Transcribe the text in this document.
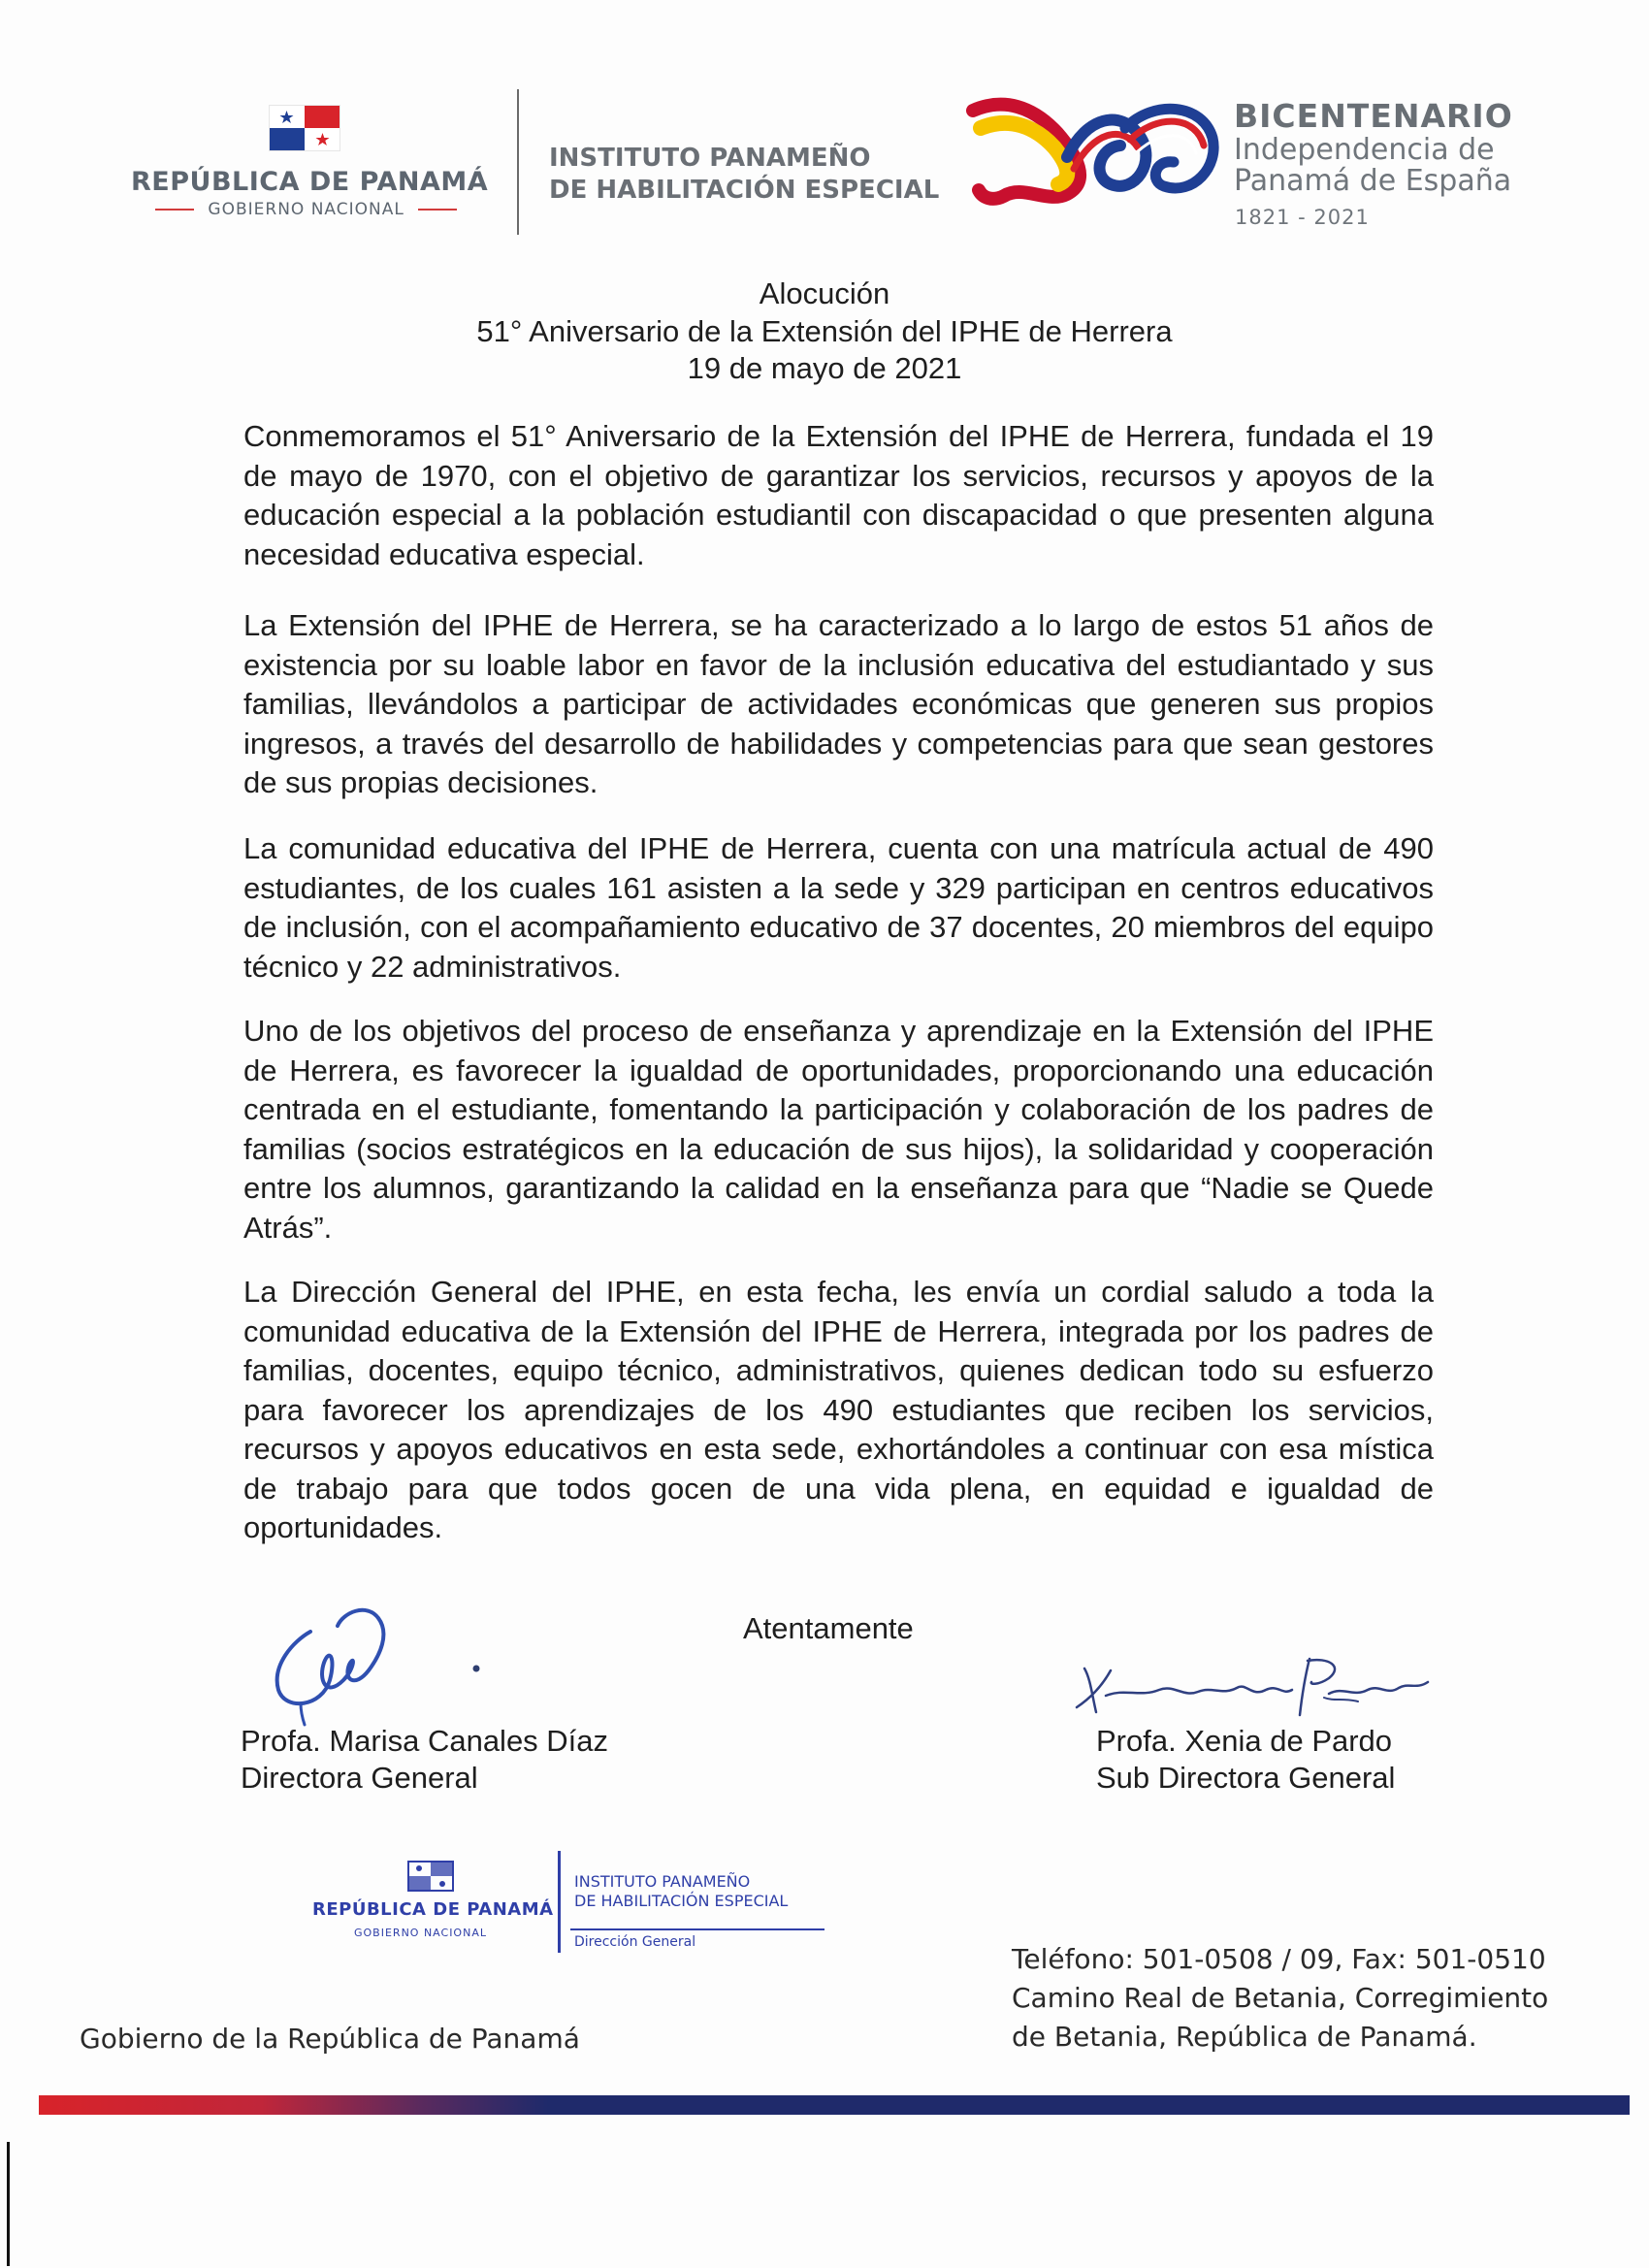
REPÚBLICA DE PANAMÁ
GOBIERNO NACIONAL
INSTITUTO PANAMEÑO
DE HABILITACIÓN ESPECIAL
BICENTENARIO
Independencia de
Panamá de España
1821 - 2021
Alocución
51° Aniversario de la Extensión del IPHE de Herrera
19 de mayo de 2021

Conmemoramos el 51° Aniversario de la Extensión del IPHE de Herrera, fundada el 19 de mayo de 1970, con el objetivo de garantizar los servicios, recursos y apoyos de la educación especial a la población estudiantil con discapacidad o que presenten alguna necesidad educativa especial.

La Extensión del IPHE de Herrera, se ha caracterizado a lo largo de estos 51 años de existencia por su loable labor en favor de la inclusión educativa del estudiantado y sus familias, llevándolos a participar de actividades económicas que generen sus propios ingresos, a través del desarrollo de habilidades y competencias para que sean gestores de sus propias decisiones.

La comunidad educativa del IPHE de Herrera, cuenta con una matrícula actual de 490 estudiantes, de los cuales 161 asisten a la sede y 329 participan en centros educativos de inclusión, con el acompañamiento educativo de 37 docentes, 20 miembros del equipo técnico y 22 administrativos.

Uno de los objetivos del proceso de enseñanza y aprendizaje en la Extensión del IPHE de Herrera, es favorecer la igualdad de oportunidades, proporcionando una educación centrada en el estudiante, fomentando la participación y colaboración de los padres de familias (socios estratégicos en la educación de sus hijos), la solidaridad y cooperación entre los alumnos, garantizando la calidad en la enseñanza para que “Nadie se Quede Atrás”.

La Dirección General del IPHE, en esta fecha, les envía un cordial saludo a toda la comunidad educativa de la Extensión del IPHE de Herrera, integrada por los padres de familias, docentes, equipo técnico, administrativos, quienes dedican todo su esfuerzo para favorecer los aprendizajes de los 490 estudiantes que reciben los servicios, recursos y apoyos educativos en esta sede, exhortándoles a continuar con esa mística de trabajo para que todos gocen de una vida plena, en equidad e igualdad de oportunidades.

Atentamente
Profa. Marisa Canales Díaz
Directora General
Profa. Xenia de Pardo
Sub Directora General
REPÚBLICA DE PANAMÁ
GOBIERNO NACIONAL
INSTITUTO PANAMEÑO
DE HABILITACIÓN ESPECIAL
Dirección General
Gobierno de la República de Panamá
Teléfono: 501-0508 / 09, Fax: 501-0510
Camino Real de Betania, Corregimiento
de Betania, República de Panamá.
